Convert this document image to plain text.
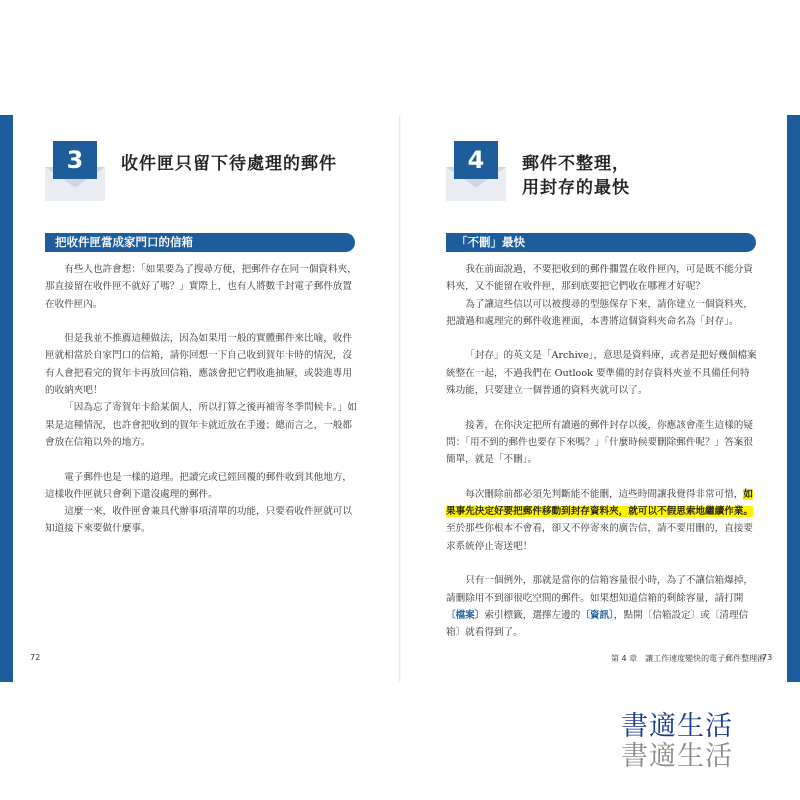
3	收件匣只留下待處理的郵件
把收件匣當成家門口的信箱

有些人也許會想：「如果要為了搜尋方便，把郵件存在同一個資料夾，那直接留在收件匣不就好了嗎？」實際上，也有人將數千封電子郵件放置在收件匣內。

但是我並不推薦這種做法，因為如果用一般的實體郵件來比喻，收件匣就相當於自家門口的信箱，請你回想一下自己收到賀年卡時的情況，沒有人會把看完的賀年卡再放回信箱，應該會把它們收進抽屜，或裝進專用的收納夾吧！

「因為忘了寄賀年卡給某個人，所以打算之後再補寄冬季問候卡。」如果是這種情況，也許會把收到的賀年卡就近放在手邊；總而言之，一般都會放在信箱以外的地方。

電子郵件也是一樣的道理。把讀完或已經回覆的郵件收到其他地方，這樣收件匣就只會剩下還沒處理的郵件。

這麼一來，收件匣會兼具代辦事項清單的功能，只要看收件匣就可以知道接下來要做什麼事。

72
4	郵件不整理，
用封存的最快
「不刪」最快

我在前面說過，不要把收到的郵件擱置在收件匣內，可是既不能分資料夾，又不能留在收件匣，那到底要把它們收在哪裡才好呢？

為了讓這些信以可以被搜尋的型態保存下來，請你建立一個資料夾，把讀過和處理完的郵件收進裡面，本書將這個資料夾命名為「封存」。

「封存」的英文是「Archive」，意思是資料庫，或者是把好幾個檔案統整在一起，不過我們在 Outlook 要準備的封存資料夾並不具備任何特殊功能，只要建立一個普通的資料夾就可以了。

接著，在你決定把所有讀過的郵件封存以後，你應該會產生這樣的疑問：「用不到的郵件也要存下來嗎？」「什麼時候要刪除郵件呢？」答案很簡單，就是「不刪」。

每次刪除前都必須先判斷能不能刪，這些時間讓我覺得非常可惜，如果事先決定好要把郵件移動到封存資料夾，就可以不假思索地繼續作業。至於那些你根本不會看，卻又不停寄來的廣告信，請不要用刪的，直接要求系統停止寄送吧！

只有一個例外，那就是當你的信箱容量很小時，為了不讓信箱爆掉，請刪除用不到卻很吃空間的郵件。如果想知道信箱的剩餘容量，請打開〔檔案〕索引標籤，選擇左邊的〔資訊〕，點開〔信箱設定〕或〔清理信箱〕就看得到了。

第 4 章　讓工作速度變快的電子郵件整理術
73
書適生活
書適生活
